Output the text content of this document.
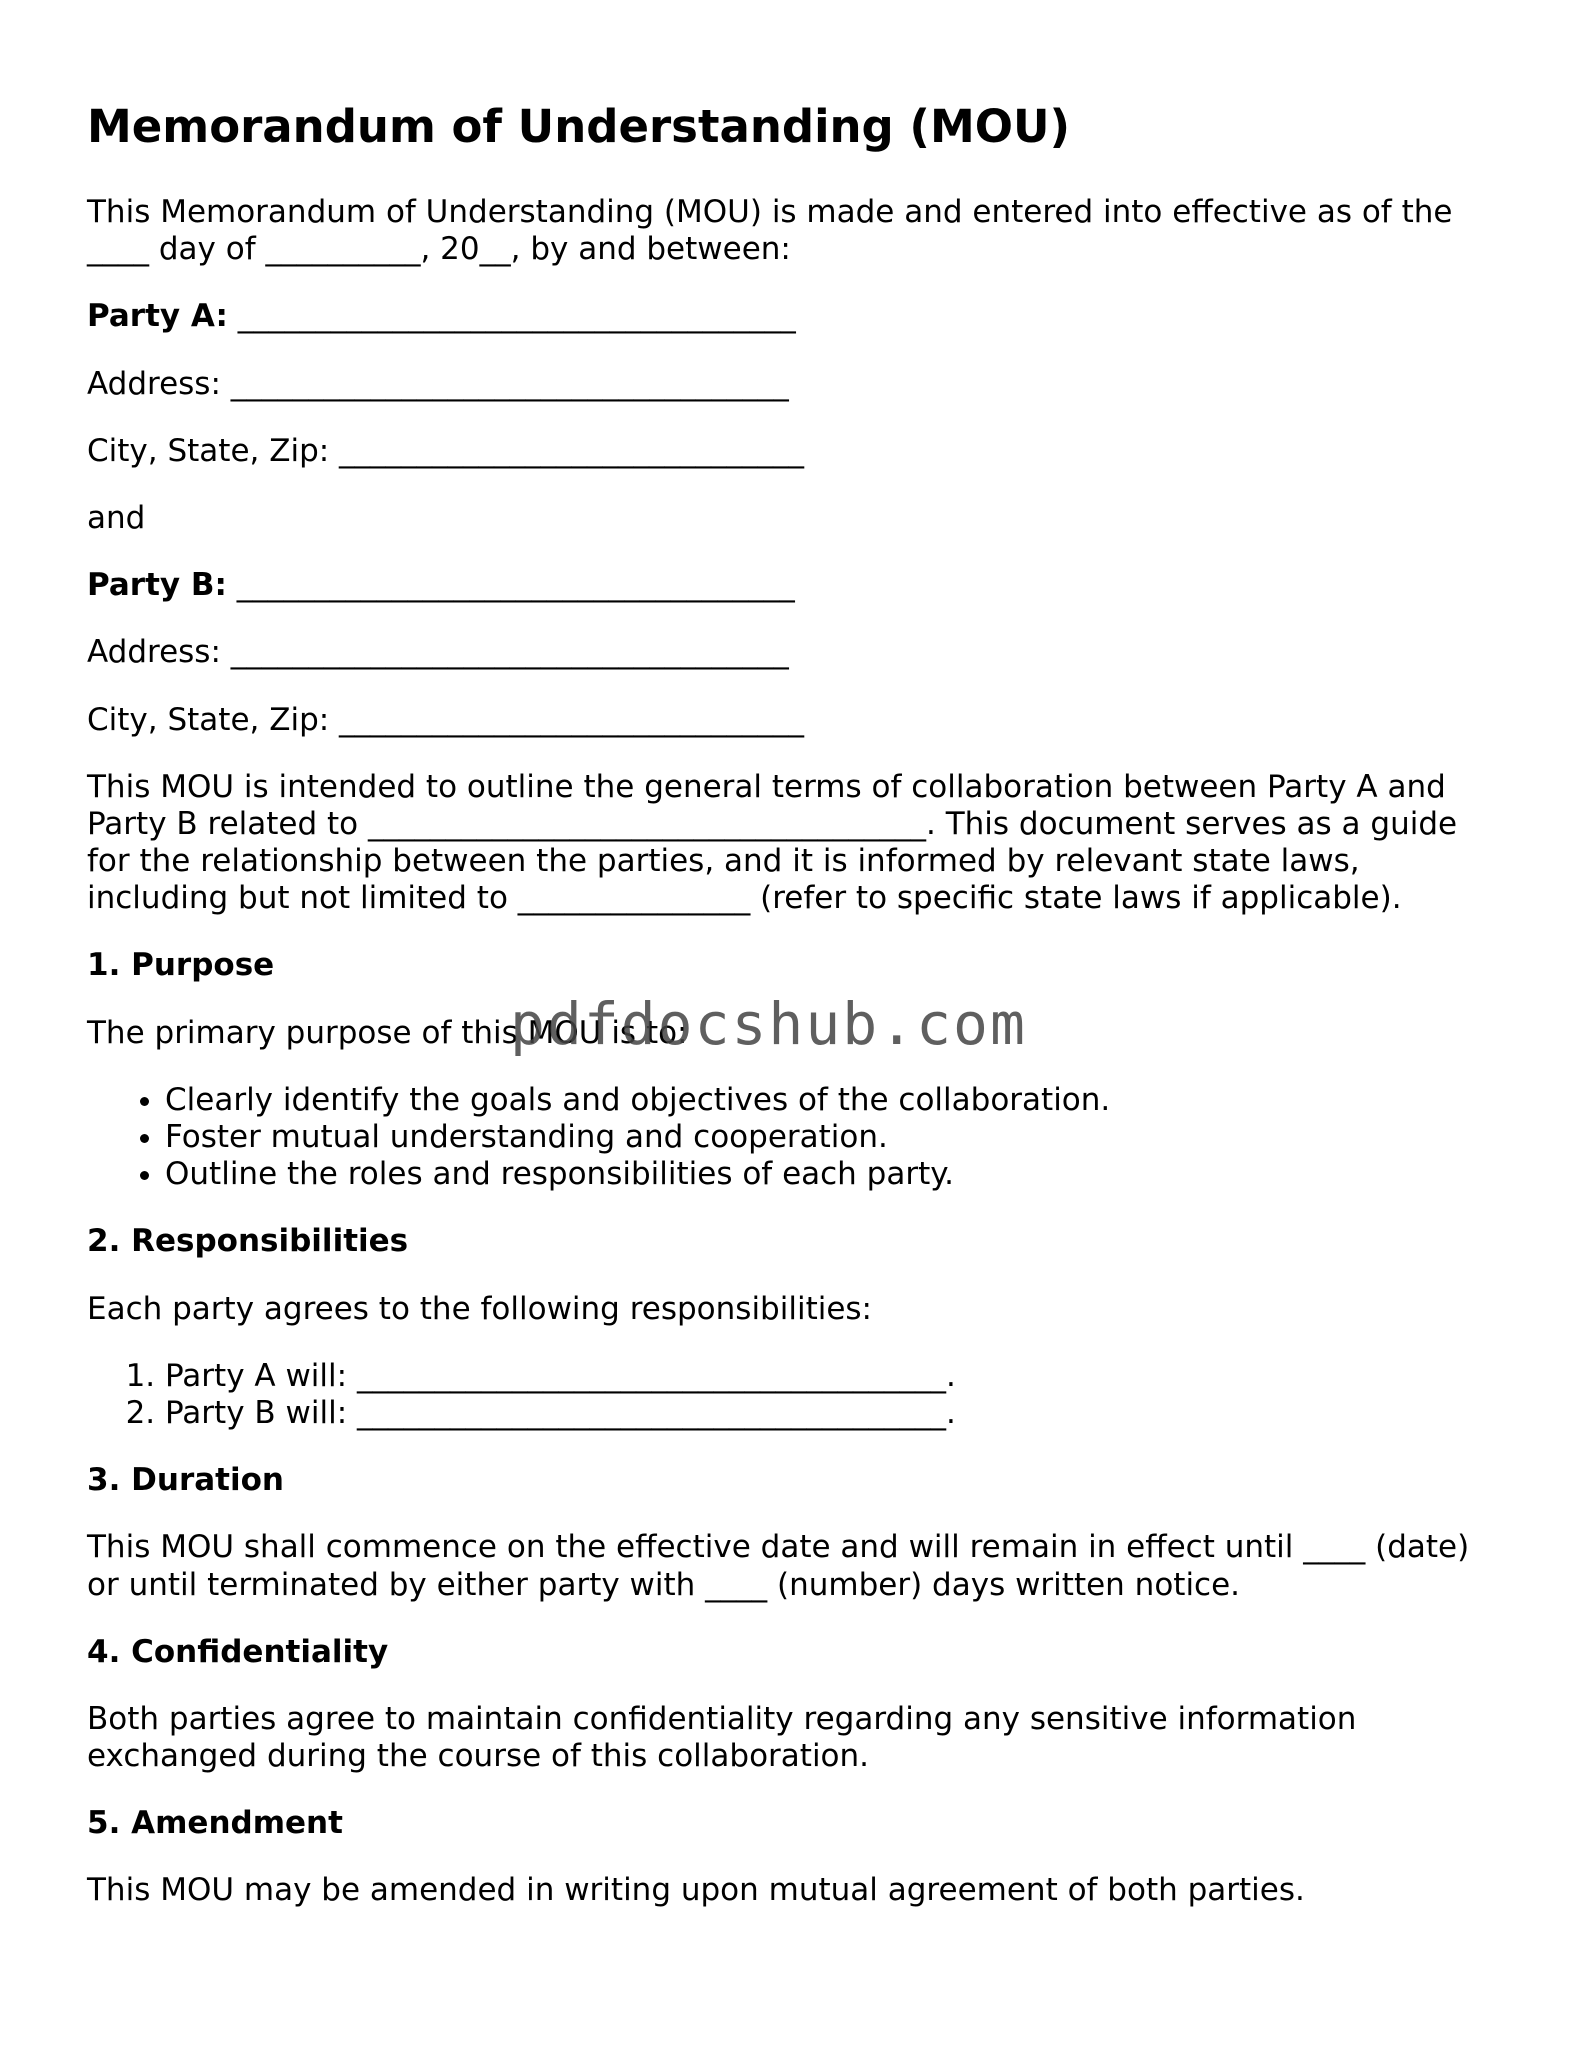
Memorandum of Understanding (MOU)

This Memorandum of Understanding (MOU) is made and entered into effective as of the ____ day of __________, 20__, by and between:

Party A: ____________________________________
Address: ____________________________________
City, State, Zip: ______________________________
and
Party B: ____________________________________
Address: ____________________________________
City, State, Zip: ______________________________

This MOU is intended to outline the general terms of collaboration between Party A and Party B related to ____________________________________. This document serves as a guide for the relationship between the parties, and it is informed by relevant state laws, including but not limited to _______________ (refer to specific state laws if applicable).

1. Purpose

The primary purpose of this MOU is to:

• Clearly identify the goals and objectives of the collaboration.
• Foster mutual understanding and cooperation.
• Outline the roles and responsibilities of each party.
2. Responsibilities

Each party agrees to the following responsibilities:

1. Party A will: ______________________________________.
2. Party B will: ______________________________________.
3. Duration

This MOU shall commence on the effective date and will remain in effect until ____ (date) or until terminated by either party with ____ (number) days written notice.

4. Confidentiality

Both parties agree to maintain confidentiality regarding any sensitive information exchanged during the course of this collaboration.

5. Amendment

This MOU may be amended in writing upon mutual agreement of both parties.

pdfdocshub.com
